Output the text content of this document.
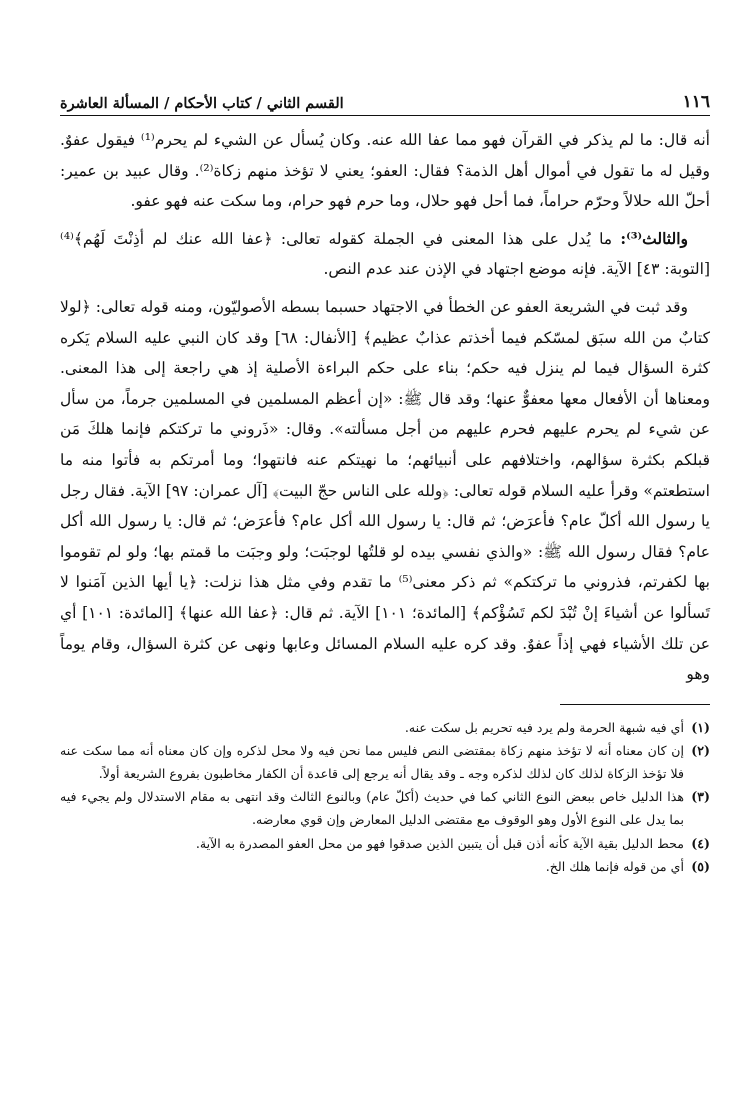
١١٦
القسم الثاني / كتاب الأحكام / المسألة العاشرة

أنه قال: ما لم يذكر في القرآن فهو مما عفا الله عنه. وكان يُسأل عن الشيء لم يحرم⁽¹⁾ فيقول عفوٌ. وقيل له ما تقول في أموال أهل الذمة؟ فقال: العفو؛ يعني لا تؤخذ منهم زكاة⁽²⁾. وقال عبيد بن عمير: أحلّ الله حلالاً وحرّم حراماً، فما أحل فهو حلال، وما حرم فهو حرام، وما سكت عنه فهو عفو.

والثالث⁽³⁾: ما يُدل على هذا المعنى في الجملة كقوله تعالى: ﴿عفا الله عنك لم أذِنْتَ لَهُم﴾⁽⁴⁾ [التوبة: ٤٣] الآية. فإنه موضع اجتهاد في الإذن عند عدم النص.

وقد ثبت في الشريعة العفو عن الخطأ في الاجتهاد حسبما بسطه الأصوليّون، ومنه قوله تعالى: ﴿لولا كتابٌ من الله سبَق لمسّكم فيما أخذتم عذابٌ عظيم﴾ [الأنفال: ٦٨] وقد كان النبي عليه السلام يَكره كثرة السؤال فيما لم ينزل فيه حكم؛ بناء على حكم البراءة الأصلية إذ هي راجعة إلى هذا المعنى. ومعناها أن الأفعال معها معفوٌّ عنها؛ وقد قال ﷺ: «إن أعظم المسلمين في المسلمين جرماً، من سأل عن شيء لم يحرم عليهم فحرم عليهم من أجل مسألته». وقال: «ذَروني ما تركتكم فإنما هلكَ مَن قبلكم بكثرة سؤالهم، واختلافهم على أنبيائهم؛ ما نهيتكم عنه فانتهوا؛ وما أمرتكم به فأتوا منه ما استطعتم» وقرأ عليه السلام قوله تعالى: ﴿ولله على الناس حجّ البيت﴾ [آل عمران: ٩٧] الآية. فقال رجل يا رسول الله أكلّ عام؟ فأعرَض؛ ثم قال: يا رسول الله أكل عام؟ فأعرَض؛ ثم قال: يا رسول الله أكل عام؟ فقال رسول الله ﷺ: «والذي نفسي بيده لو قلتُها لوجبَت؛ ولو وجبَت ما قمتم بها؛ ولو لم تقوموا بها لكفرتم، فذروني ما تركتكم» ثم ذكر معنى⁽⁵⁾ ما تقدم وفي مثل هذا نزلت: ﴿يا أيها الذين آمَنوا لا تَسألوا عن أشياءَ إنْ تُبْدَ لكم تَسُؤْكم﴾ [المائدة؛ ١٠١] الآية. ثم قال: ﴿عفا الله عنها﴾ [المائدة: ١٠١] أي عن تلك الأشياء فهي إذاً عفوٌ. وقد كره عليه السلام المسائل وعابها ونهى عن كثرة السؤال، وقام يوماً وهو

(١)
أي فيه شبهة الحرمة ولم يرد فيه تحريم بل سكت عنه.
(٢)
إن كان معناه أنه لا تؤخذ منهم زكاة بمقتضى النص فليس مما نحن فيه ولا محل لذكره وإن كان معناه أنه مما سكت عنه فلا تؤخذ الزكاة لذلك كان لذلك لذكره وجه ـ وقد يقال أنه يرجع إلى قاعدة أن الكفار مخاطبون بفروع الشريعة أولاً.
(٣)
هذا الدليل خاص ببعض النوع الثاني كما في حديث (أكلّ عام) وبالنوع الثالث وقد انتهى به مقام الاستدلال ولم يجيء فيه بما يدل على النوع الأول وهو الوقوف مع مقتضى الدليل المعارض وإن قوي معارضه.
(٤)
محط الدليل بقية الآية كأنه أذن قبل أن يتبين الذين صدقوا فهو من محل العفو المصدرة به الآية.
(٥)
أي من قوله فإنما هلك الخ.
